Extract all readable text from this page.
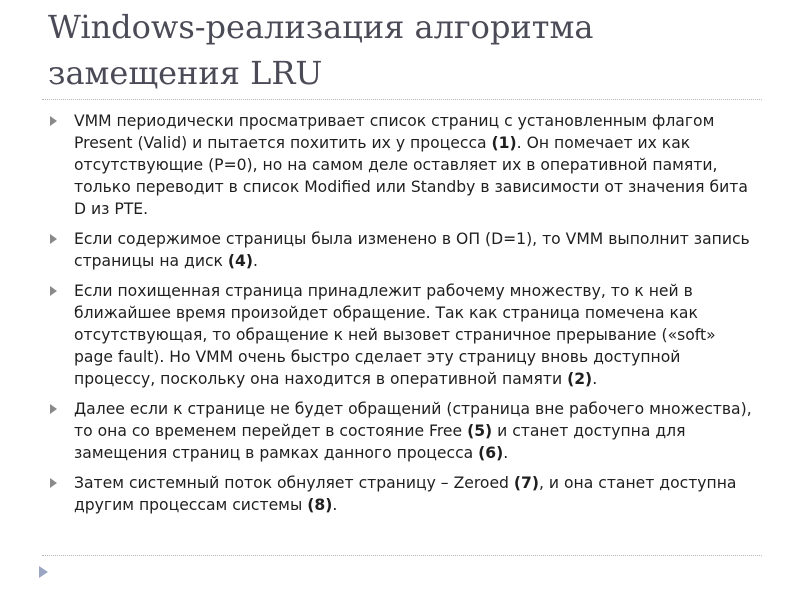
Windows-реализация алгоритма замещения LRU
VMM периодически просматривает список страниц с установленным флагом Present (Valid) и пытается похитить их у процесса (1). Он помечает их как отсутствующие (P=0), но на самом деле оставляет их в оперативной памяти, только переводит в список Modified или Standby в зависимости от значения бита D из PTE.
Если содержимое страницы была изменено в ОП (D=1), то VMM выполнит запись страницы на диск (4).
Если похищенная страница принадлежит рабочему множеству, то к ней в ближайшее время произойдет обращение. Так как страница помечена как отсутствующая, то обращение к ней вызовет страничное прерывание («soft» page fault). Но VMM очень быстро сделает эту страницу вновь доступной процессу, поскольку она находится в оперативной памяти (2).
Далее если к странице не будет обращений (страница вне рабочего множества), то она со временем перейдет в состояние Free (5) и станет доступна для замещения страниц в рамках данного процесса (6).
Затем системный поток обнуляет страницу – Zeroed (7), и она станет доступна другим процессам системы (8).
